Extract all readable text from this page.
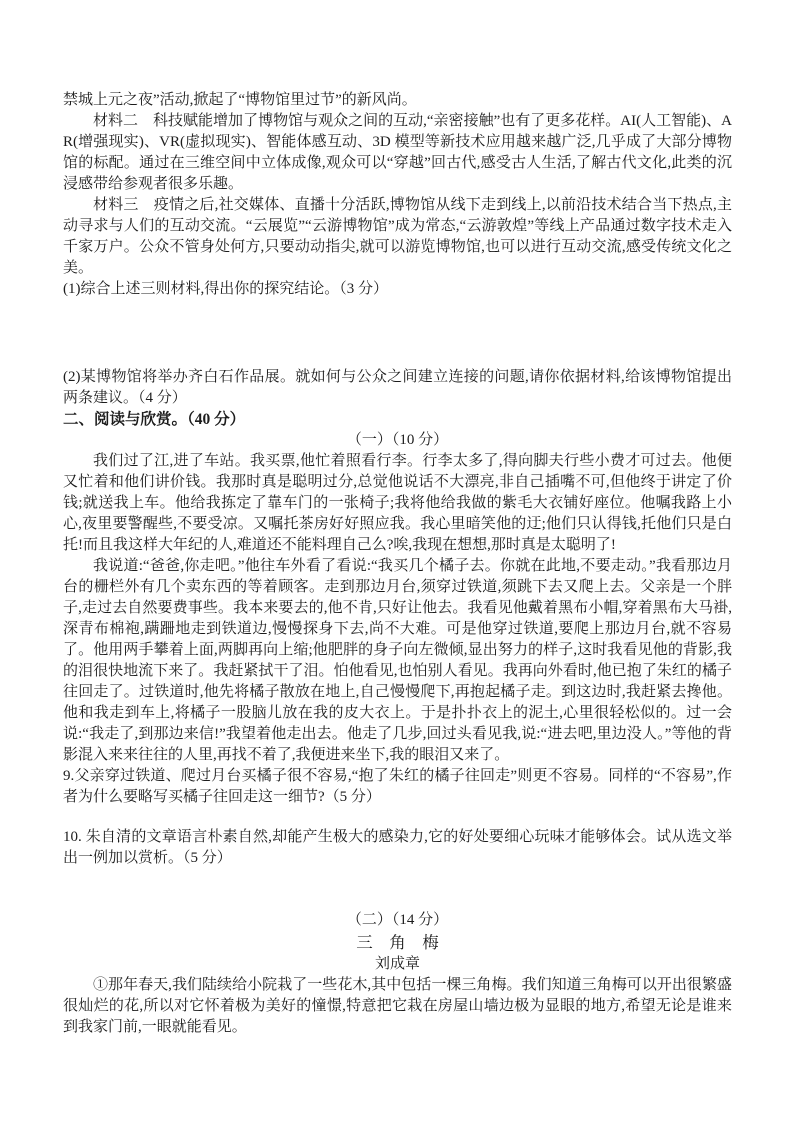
禁城上元之夜”活动,掀起了“博物馆里过节”的新风尚。

材料二　科技赋能增加了博物馆与观众之间的互动,“亲密接触”也有了更多花样。AI(人工智能)、AR(增强现实)、VR(虚拟现实)、智能体感互动、3D 模型等新技术应用越来越广泛,几乎成了大部分博物馆的标配。通过在三维空间中立体成像,观众可以“穿越”回古代,感受古人生活,了解古代文化,此类的沉浸感带给参观者很多乐趣。

材料三　疫情之后,社交媒体、直播十分活跃,博物馆从线下走到线上,以前沿技术结合当下热点,主动寻求与人们的互动交流。“云展览”“云游博物馆”成为常态,“云游敦煌”等线上产品通过数字技术走入千家万户。公众不管身处何方,只要动动指尖,就可以游览博物馆,也可以进行互动交流,感受传统文化之美。

(1)综合上述三则材料,得出你的探究结论。（3 分）

(2)某博物馆将举办齐白石作品展。就如何与公众之间建立连接的问题,请你依据材料,给该博物馆提出两条建议。（4 分）

二、阅读与欣赏。（40 分）

（一）（10 分）

我们过了江,进了车站。我买票,他忙着照看行李。行李太多了,得向脚夫行些小费才可过去。他便又忙着和他们讲价钱。我那时真是聪明过分,总觉他说话不大漂亮,非自己插嘴不可,但他终于讲定了价钱;就送我上车。他给我拣定了靠车门的一张椅子;我将他给我做的紫毛大衣铺好座位。他嘱我路上小心,夜里要警醒些,不要受凉。又嘱托茶房好好照应我。我心里暗笑他的迂;他们只认得钱,托他们只是白托!而且我这样大年纪的人,难道还不能料理自己么?唉,我现在想想,那时真是太聪明了!

我说道:“爸爸,你走吧。”他往车外看了看说:“我买几个橘子去。你就在此地,不要走动。”我看那边月台的栅栏外有几个卖东西的等着顾客。走到那边月台,须穿过铁道,须跳下去又爬上去。父亲是一个胖子,走过去自然要费事些。我本来要去的,他不肯,只好让他去。我看见他戴着黑布小帽,穿着黑布大马褂,深青布棉袍,蹒跚地走到铁道边,慢慢探身下去,尚不大难。可是他穿过铁道,要爬上那边月台,就不容易了。他用两手攀着上面,两脚再向上缩;他肥胖的身子向左微倾,显出努力的样子,这时我看见他的背影,我的泪很快地流下来了。我赶紧拭干了泪。怕他看见,也怕别人看见。我再向外看时,他已抱了朱红的橘子往回走了。过铁道时,他先将橘子散放在地上,自己慢慢爬下,再抱起橘子走。到这边时,我赶紧去搀他。他和我走到车上,将橘子一股脑儿放在我的皮大衣上。于是扑扑衣上的泥土,心里很轻松似的。过一会说:“我走了,到那边来信!”我望着他走出去。他走了几步,回过头看见我,说:“进去吧,里边没人。”等他的背影混入来来往往的人里,再找不着了,我便进来坐下,我的眼泪又来了。

9.父亲穿过铁道、爬过月台买橘子很不容易,“抱了朱红的橘子往回走”则更不容易。同样的“不容易”,作者为什么要略写买橘子往回走这一细节?（5 分）

10. 朱自清的文章语言朴素自然,却能产生极大的感染力,它的好处要细心玩味才能够体会。试从选文举出一例加以赏析。（5 分）

（二）（14 分）

三　角　梅

刘成章

①那年春天,我们陆续给小院栽了一些花木,其中包括一棵三角梅。我们知道三角梅可以开出很繁盛很灿烂的花,所以对它怀着极为美好的憧憬,特意把它栽在房屋山墙边极为显眼的地方,希望无论是谁来到我家门前,一眼就能看见。
